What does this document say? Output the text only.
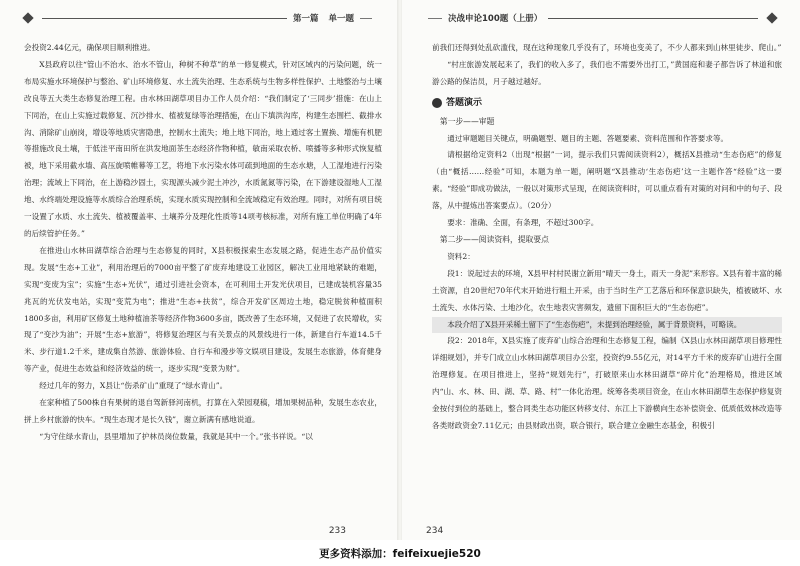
第一篇 单一题

会投资2.44亿元，确保项目顺利推进。

X县政府以往“管山不治水、治水不管山，种树不种草”的单一修复模式，针对区域内的污染问题，统一布局实施水环境保护与整治、矿山环境修复、水土流失治理、生态系统与生物多样性保护、土地整治与土壤改良等五大类生态修复治理工程。由水林田湖草项目办工作人员介绍：“我们制定了‘三同步’措施：在山上下同治，在山上实施过载修复、沉沙排水、植被复绿等治理措施，在山下填洪沟库，构建生态围栏、截排水沟、消除矿山崩岗，增设等地质灾害隐患，控制水土流失；地上地下同治，地上通过客土置换、增施有机肥等措施改良土壤，于低洼平南田所在洪发地面茶生态经济作物种植，敏南采取农桥、喷播等多种形式恢复植被，地下采用截水墙、高压旋喷帷幕等工艺，将地下水污染水体可疏到地面的生态水塘，人工湿地进行污染治理；流域上下同治，在上游稳沙固土，实现源头减少泥土冲沙，水质氮氮等污染，在下游建设湿地人工湿地、水终端处理设施等水质综合治理系统，实现水质实现控制和全流域稳定有效治理。同时，对所有项目统一设置了水质、水土流失、植被覆盖率、土壤养分及理化性质等14项考核标准，对所有施工单位明确了4年的后续管护任务。”

在推进山水林田湖草综合治理与生态修复的同时，X县积极探索生态发展之路，促进生态产品价值实现。发展“生态+工业”，利用治理后的7000亩平整了矿废弃地建设工业园区，解决工业用地紧缺的难题，实现“变废为宝”；实施“生态+光伏”，通过引进社会资本，在可利用土开发光伏项目，已建成装机容量35兆瓦的光伏发电站，实现“变荒为电”；推进“生态+扶贫”，综合开发矿区周边土地，稳定脱贫种植面积1800多亩，利用矿区修复土地种植油茶等经济作物3600多亩，既改善了生态环境，又促进了农民增收，实现了“变沙为油”；开展“生态+旅游”，将修复治理区与有关景点的风景线进行一体，新建自行车道14.5千米、步行道1.2千米，建成集自然游、旅游体验、自行车和漫步等文娱项目建设，发展生态旅游，体育健身等产业，促进生态效益和经济效益的统一，逐步实现“变景为财”。

经过几年的努力，X县让“伤杀矿山”重现了“绿水青山”。

在家种植了500株自有果树的退自驾新驿河南机，打算在入荣园观稿，增加果树品种，发展生态农业，拼上乡村旅游的快车。“现生态现才是长久钱”，谢立新满有感地说道。

“为守住绿水青山，县里增加了护林员岗位数量，我就是其中一个。”张书祥说。“以

233
决战申论100题（上册）

前我们还得到处乱砍滥伐，现在这种现象几乎没有了，环境也变美了，不少人都来到山林里徒步、爬山。”

“村庄旅游发展起来了，我们的收入多了，我们也不需要外出打工，”黄国庭和妻子都告诉了林道和旅游公路的保洁员，月子越过越好。

答题演示

第一步——审题

通过审题题目关键点，明确题型、题目的主题、答题要素、资料范围和作答要求等。

请根据给定资料2（出现“根据”一词，提示我们只需阅读资料2），概括X县推动“生态伤疤”的修复（由“概括……经验”可知，本题为单一题，阐明题“X县推动‘生态伤疤’这一主题作答“经验”这一要素。“经验”即成功做法，一般以对策形式呈现，在阅读资料时，可以重点看有对策的对问和中的句子、段落，从中提炼出答案要点）。（20分）

要求：准确、全面，有条理，不超过300字。

第二步——阅读资料，提取要点

资料2：

段1：说起过去的环境，X县甲村村民谢立新用“晴天一身土，雨天一身泥”来形容。X县有着丰富的稀土资源，自20世纪70年代末开始进行粗土开采，由于当时生产工艺落后和环保意识缺失，植被破坏、水土流失、水体污染、土地沙化，农生地表灾害频发，遗留下面积巨大的“生态伤疤”。

本段介绍了X县开采稀土留下了“生态伤疤”，未提到治理经验，属于背景资料，可略读。

段2：2018年，X县实施了废弃矿山综合治理和生态修复工程，编制《X县山水林田湖草项目修理性详细规划》，并专门成立山水林田湖草项目办公室，投资约9.55亿元，对14平方千米的废弃矿山进行全面治理修复。在项目推进上，坚持“规划先行”，打破原来山水林田湖草“碎片化”治理格局，推进区域内“山、水、林、田、湖、草、路、村”一体化治理。统筹各类项目资金，在山水林田湖草生态保护修复资金按付到位的基础上，整合同类生态功能区转移支付、东江上下游横向生态补偿资金、低质低效林改造等各类财政资金7.11亿元；由县财政出资，联合银行，联合建立金融生态基金，积极引

234
更多资料添加：feifeixuejie520
